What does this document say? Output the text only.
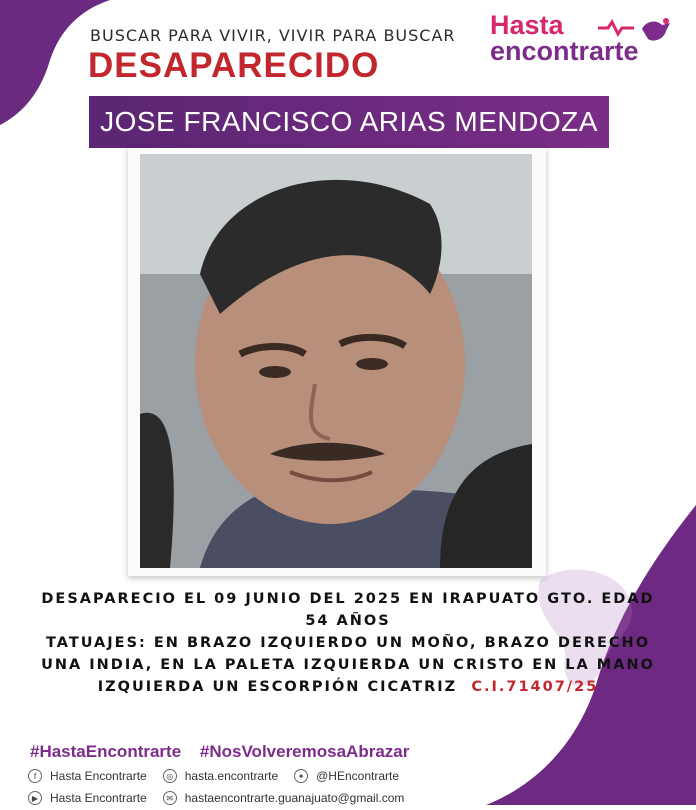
BUSCAR PARA VIVIR, VIVIR PARA BUSCAR
DESAPARECIDO
Hasta
encontrarte
JOSE FRANCISCO ARIAS MENDOZA
DESAPARECIO EL 09 JUNIO DEL 2025 EN IRAPUATO GTO. EDAD
54 AÑOS
TATUAJES: EN BRAZO IZQUIERDO UN MOÑO, BRAZO DERECHO
UNA INDIA, EN LA PALETA IZQUIERDA UN CRISTO EN LA MANO
IZQUIERDA UN ESCORPIÓN CICATRIZ C.I.71407/25
#HastaEncontrarte #NosVolveremosaAbrazar
f	Hasta Encontrarte	◎ hasta.encontrarte	✦ @HEncontrarte
▶ Hasta Encontrarte	✉ hastaencontrarte.guanajuato@gmail.com
